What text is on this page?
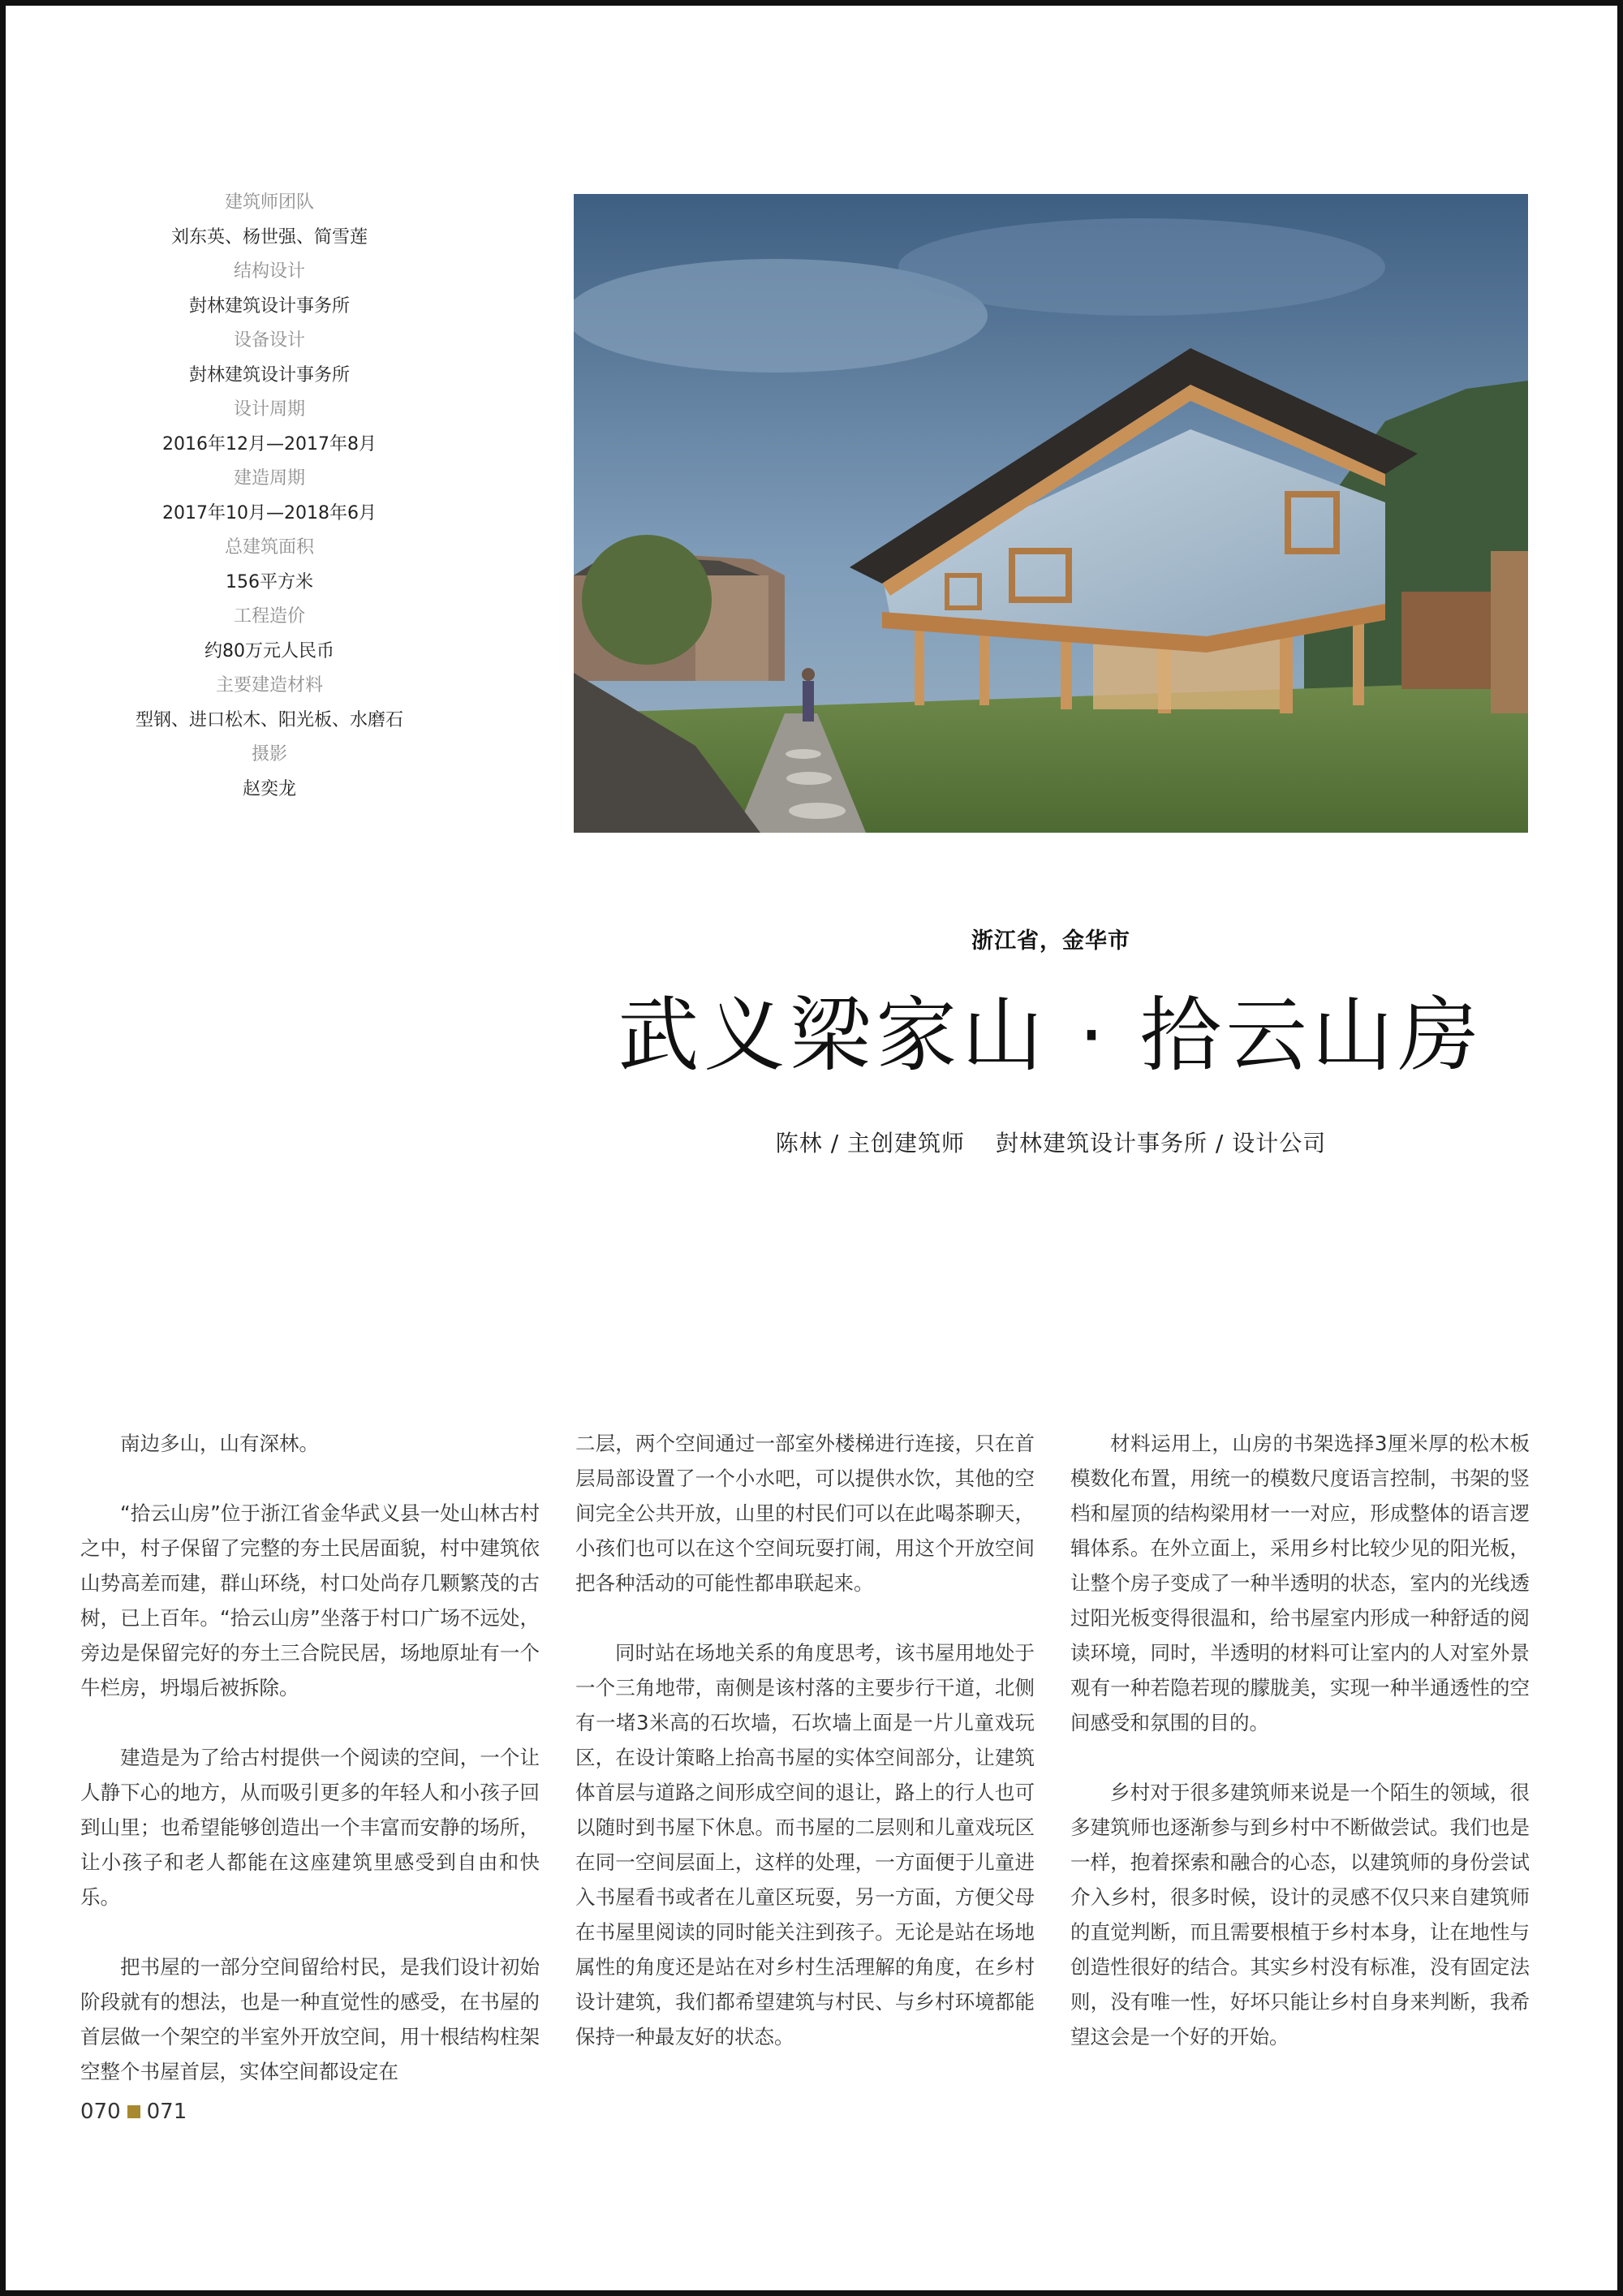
建筑师团队

刘东英、杨世强、简雪莲

结构设计

尌林建筑设计事务所

设备设计

尌林建筑设计事务所

设计周期

2016年12月—2017年8月

建造周期

2017年10月—2018年6月

总建筑面积

156平方米

工程造价

约80万元人民币

主要建造材料

型钢、进口松木、阳光板、水磨石

摄影

赵奕龙

浙江省，金华市

武义梁家山 · 拾云山房
陈林 / 主创建筑师 尌林建筑设计事务所 / 设计公司

南边多山，山有深林。

“拾云山房”位于浙江省金华武义县一处山林古村之中，村子保留了完整的夯土民居面貌，村中建筑依山势高差而建，群山环绕，村口处尚存几颗繁茂的古树，已上百年。“拾云山房”坐落于村口广场不远处，旁边是保留完好的夯土三合院民居，场地原址有一个牛栏房，坍塌后被拆除。

建造是为了给古村提供一个阅读的空间，一个让人静下心的地方，从而吸引更多的年轻人和小孩子回到山里；也希望能够创造出一个丰富而安静的场所，让小孩子和老人都能在这座建筑里感受到自由和快乐。

把书屋的一部分空间留给村民，是我们设计初始阶段就有的想法，也是一种直觉性的感受，在书屋的首层做一个架空的半室外开放空间，用十根结构柱架空整个书屋首层，实体空间都设定在

二层，两个空间通过一部室外楼梯进行连接，只在首层局部设置了一个小水吧，可以提供水饮，其他的空间完全公共开放，山里的村民们可以在此喝茶聊天，小孩们也可以在这个空间玩耍打闹，用这个开放空间把各种活动的可能性都串联起来。

同时站在场地关系的角度思考，该书屋用地处于一个三角地带，南侧是该村落的主要步行干道，北侧有一堵3米高的石坎墙，石坎墙上面是一片儿童戏玩区，在设计策略上抬高书屋的实体空间部分，让建筑体首层与道路之间形成空间的退让，路上的行人也可以随时到书屋下休息。而书屋的二层则和儿童戏玩区在同一空间层面上，这样的处理，一方面便于儿童进入书屋看书或者在儿童区玩耍，另一方面，方便父母在书屋里阅读的同时能关注到孩子。无论是站在场地属性的角度还是站在对乡村生活理解的角度，在乡村设计建筑，我们都希望建筑与村民、与乡村环境都能保持一种最友好的状态。

材料运用上，山房的书架选择3厘米厚的松木板模数化布置，用统一的模数尺度语言控制，书架的竖档和屋顶的结构梁用材一一对应，形成整体的语言逻辑体系。在外立面上，采用乡村比较少见的阳光板，让整个房子变成了一种半透明的状态，室内的光线透过阳光板变得很温和，给书屋室内形成一种舒适的阅读环境，同时，半透明的材料可让室内的人对室外景观有一种若隐若现的朦胧美，实现一种半通透性的空间感受和氛围的目的。

乡村对于很多建筑师来说是一个陌生的领域，很多建筑师也逐渐参与到乡村中不断做尝试。我们也是一样，抱着探索和融合的心态，以建筑师的身份尝试介入乡村，很多时候，设计的灵感不仅只来自建筑师的直觉判断，而且需要根植于乡村本身，让在地性与创造性很好的结合。其实乡村没有标准，没有固定法则，没有唯一性，好坏只能让乡村自身来判断，我希望这会是一个好的开始。

070 071
